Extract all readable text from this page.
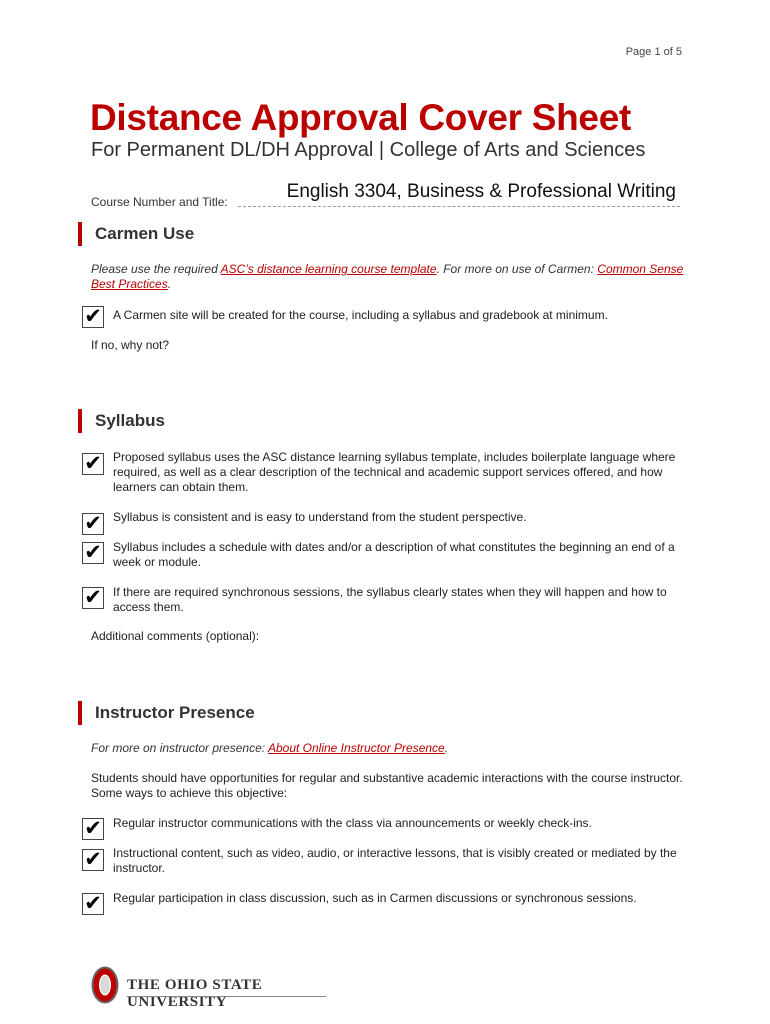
Page 1 of 5
Distance Approval Cover Sheet
For Permanent DL/DH Approval | College of Arts and Sciences
Course Number and Title:	English 3304, Business & Professional Writing
Carmen Use

Please use the required ASC’s distance learning course template. For more on use of Carmen: Common Sense Best Practices.

✔ A Carmen site will be created for the course, including a syllabus and gradebook at minimum.

If no, why not?

Syllabus
✔ Proposed syllabus uses the ASC distance learning syllabus template, includes boilerplate language where required, as well as a clear description of the technical and academic support services offered, and how learners can obtain them.

✔ Syllabus is consistent and is easy to understand from the student perspective.

✔ Syllabus includes a schedule with dates and/or a description of what constitutes the beginning an end of a week or module.

✔ If there are required synchronous sessions, the syllabus clearly states when they will happen and how to access them.

Additional comments (optional):

Instructor Presence

For more on instructor presence: About Online Instructor Presence.

Students should have opportunities for regular and substantive academic interactions with the course instructor. Some ways to achieve this objective:

✔ Regular instructor communications with the class via announcements or weekly check-ins.

✔ Instructional content, such as video, audio, or interactive lessons, that is visibly created or mediated by the instructor.

✔ Regular participation in class discussion, such as in Carmen discussions or synchronous sessions.

THE OHIO STATE UNIVERSITY
